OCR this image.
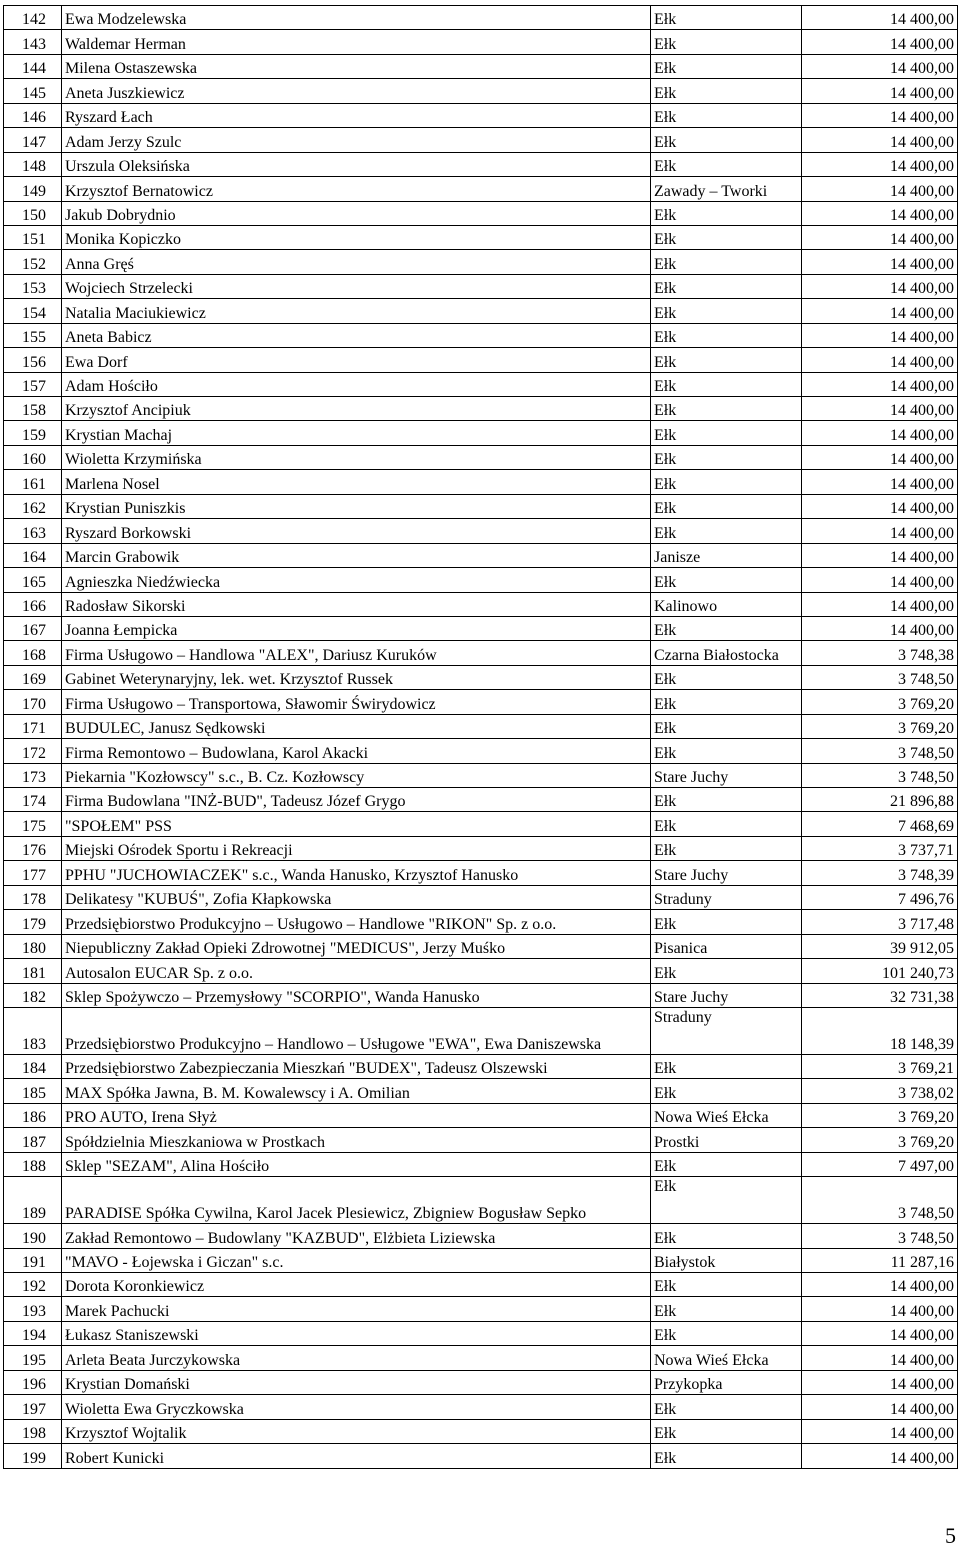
142	Ewa Modzelewska	Ełk	14 400,00
143	Waldemar Herman	Ełk	14 400,00
144	Milena Ostaszewska	Ełk	14 400,00
145	Aneta Juszkiewicz	Ełk	14 400,00
146	Ryszard Łach	Ełk	14 400,00
147	Adam Jerzy Szulc	Ełk	14 400,00
148	Urszula Oleksińska	Ełk	14 400,00
149	Krzysztof Bernatowicz	Zawady – Tworki	14 400,00
150	Jakub Dobrydnio	Ełk	14 400,00
151	Monika Kopiczko	Ełk	14 400,00
152	Anna Gręś	Ełk	14 400,00
153	Wojciech Strzelecki	Ełk	14 400,00
154	Natalia Maciukiewicz	Ełk	14 400,00
155	Aneta Babicz	Ełk	14 400,00
156	Ewa Dorf	Ełk	14 400,00
157	Adam Hościło	Ełk	14 400,00
158	Krzysztof Ancipiuk	Ełk	14 400,00
159	Krystian Machaj	Ełk	14 400,00
160	Wioletta Krzymińska	Ełk	14 400,00
161	Marlena Nosel	Ełk	14 400,00
162	Krystian Puniszkis	Ełk	14 400,00
163	Ryszard Borkowski	Ełk	14 400,00
164	Marcin Grabowik	Janisze	14 400,00
165	Agnieszka Niedźwiecka	Ełk	14 400,00
166	Radosław Sikorski	Kalinowo	14 400,00
167	Joanna Łempicka	Ełk	14 400,00
168	Firma Usługowo – Handlowa "ALEX", Dariusz Kuruków	Czarna Białostocka	3 748,38
169	Gabinet Weterynaryjny, lek. wet. Krzysztof Russek	Ełk	3 748,50
170	Firma Usługowo – Transportowa, Sławomir Świrydowicz	Ełk	3 769,20
171	BUDULEC, Janusz Sędkowski	Ełk	3 769,20
172	Firma Remontowo – Budowlana, Karol Akacki	Ełk	3 748,50
173	Piekarnia "Kozłowscy" s.c., B. Cz. Kozłowscy	Stare Juchy	3 748,50
174	Firma Budowlana "INŻ-BUD", Tadeusz Józef Grygo	Ełk	21 896,88
175	"SPOŁEM" PSS	Ełk	7 468,69
176	Miejski Ośrodek Sportu i Rekreacji	Ełk	3 737,71
177	PPHU "JUCHOWIACZEK" s.c., Wanda Hanusko, Krzysztof Hanusko	Stare Juchy	3 748,39
178	Delikatesy "KUBUŚ", Zofia Kłapkowska	Straduny	7 496,76
179	Przedsiębiorstwo Produkcyjno – Usługowo – Handlowe "RIKON" Sp. z o.o.	Ełk	3 717,48
180	Niepubliczny Zakład Opieki Zdrowotnej "MEDICUS", Jerzy Muśko	Pisanica	39 912,05
181	Autosalon EUCAR Sp. z o.o.	Ełk	101 240,73
182	Sklep Spożywczo – Przemysłowy "SCORPIO", Wanda Hanusko	Stare Juchy	32 731,38
183	Przedsiębiorstwo Produkcyjno – Handlowo – Usługowe "EWA", Ewa Daniszewska	Straduny	18 148,39
184	Przedsiębiorstwo Zabezpieczania Mieszkań "BUDEX", Tadeusz Olszewski	Ełk	3 769,21
185	MAX Spółka Jawna, B. M. Kowalewscy i A. Omilian	Ełk	3 738,02
186	PRO AUTO, Irena Słyż	Nowa Wieś Ełcka	3 769,20
187	Spółdzielnia Mieszkaniowa w Prostkach	Prostki	3 769,20
188	Sklep "SEZAM", Alina Hościło	Ełk	7 497,00
189	PARADISE Spółka Cywilna, Karol Jacek Plesiewicz, Zbigniew Bogusław Sepko	Ełk	3 748,50
190	Zakład Remontowo – Budowlany "KAZBUD", Elżbieta Liziewska	Ełk	3 748,50
191	"MAVO - Łojewska i Giczan" s.c.	Białystok	11 287,16
192	Dorota Koronkiewicz	Ełk	14 400,00
193	Marek Pachucki	Ełk	14 400,00
194	Łukasz Staniszewski	Ełk	14 400,00
195	Arleta Beata Jurczykowska	Nowa Wieś Ełcka	14 400,00
196	Krystian Domański	Przykopka	14 400,00
197	Wioletta Ewa Gryczkowska	Ełk	14 400,00
198	Krzysztof Wojtalik	Ełk	14 400,00
199	Robert Kunicki	Ełk	14 400,00
5
